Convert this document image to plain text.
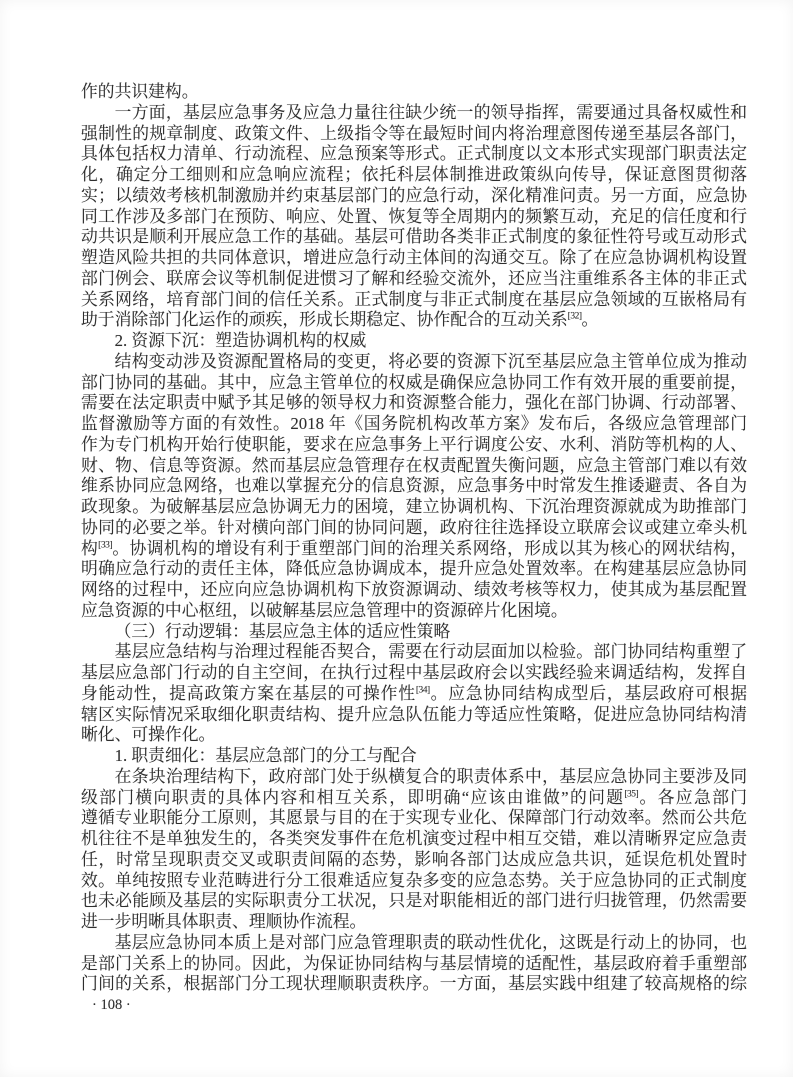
作的共识建构。
一方面，基层应急事务及应急力量往往缺少统一的领导指挥，需要通过具备权威性和
强制性的规章制度、政策文件、上级指令等在最短时间内将治理意图传递至基层各部门，
具体包括权力清单、行动流程、应急预案等形式。正式制度以文本形式实现部门职责法定
化，确定分工细则和应急响应流程；依托科层体制推进政策纵向传导，保证意图贯彻落
实；以绩效考核机制激励并约束基层部门的应急行动，深化精准问责。另一方面，应急协
同工作涉及多部门在预防、响应、处置、恢复等全周期内的频繁互动，充足的信任度和行
动共识是顺利开展应急工作的基础。基层可借助各类非正式制度的象征性符号或互动形式
塑造风险共担的共同体意识，增进应急行动主体间的沟通交互。除了在应急协调机构设置
部门例会、联席会议等机制促进惯习了解和经验交流外，还应当注重维系各主体的非正式
关系网络，培育部门间的信任关系。正式制度与非正式制度在基层应急领域的互嵌格局有
助于消除部门化运作的顽疾，形成长期稳定、协作配合的互动关系[32]。
2. 资源下沉：塑造协调机构的权威
结构变动涉及资源配置格局的变更，将必要的资源下沉至基层应急主管单位成为推动
部门协同的基础。其中，应急主管单位的权威是确保应急协同工作有效开展的重要前提，
需要在法定职责中赋予其足够的领导权力和资源整合能力，强化在部门协调、行动部署、
监督激励等方面的有效性。2018 年《国务院机构改革方案》发布后，各级应急管理部门
作为专门机构开始行使职能，要求在应急事务上平行调度公安、水利、消防等机构的人、
财、物、信息等资源。然而基层应急管理存在权责配置失衡问题，应急主管部门难以有效
维系协同应急网络，也难以掌握充分的信息资源，应急事务中时常发生推诿避责、各自为
政现象。为破解基层应急协调无力的困境，建立协调机构、下沉治理资源就成为助推部门
协同的必要之举。针对横向部门间的协同问题，政府往往选择设立联席会议或建立牵头机
构[33]。协调机构的增设有利于重塑部门间的治理关系网络，形成以其为核心的网状结构，
明确应急行动的责任主体，降低应急协调成本，提升应急处置效率。在构建基层应急协同
网络的过程中，还应向应急协调机构下放资源调动、绩效考核等权力，使其成为基层配置
应急资源的中心枢纽，以破解基层应急管理中的资源碎片化困境。
（三）行动逻辑：基层应急主体的适应性策略
基层应急结构与治理过程能否契合，需要在行动层面加以检验。部门协同结构重塑了
基层应急部门行动的自主空间，在执行过程中基层政府会以实践经验来调适结构，发挥自
身能动性，提高政策方案在基层的可操作性[34]。应急协同结构成型后，基层政府可根据
辖区实际情况采取细化职责结构、提升应急队伍能力等适应性策略，促进应急协同结构清
晰化、可操作化。
1. 职责细化：基层应急部门的分工与配合
在条块治理结构下，政府部门处于纵横复合的职责体系中，基层应急协同主要涉及同
级部门横向职责的具体内容和相互关系，即明确“应该由谁做”的问题[35]。各应急部门
遵循专业职能分工原则，其愿景与目的在于实现专业化、保障部门行动效率。然而公共危
机往往不是单独发生的，各类突发事件在危机演变过程中相互交错，难以清晰界定应急责
任，时常呈现职责交叉或职责间隔的态势，影响各部门达成应急共识，延误危机处置时
效。单纯按照专业范畴进行分工很难适应复杂多变的应急态势。关于应急协同的正式制度
也未必能顾及基层的实际职责分工状况，只是对职能相近的部门进行归拢管理，仍然需要
进一步明晰具体职责、理顺协作流程。
基层应急协同本质上是对部门应急管理职责的联动性优化，这既是行动上的协同，也
是部门关系上的协同。因此，为保证协同结构与基层情境的适配性，基层政府着手重塑部
门间的关系，根据部门分工现状理顺职责秩序。一方面，基层实践中组建了较高规格的综
· 108 ·
